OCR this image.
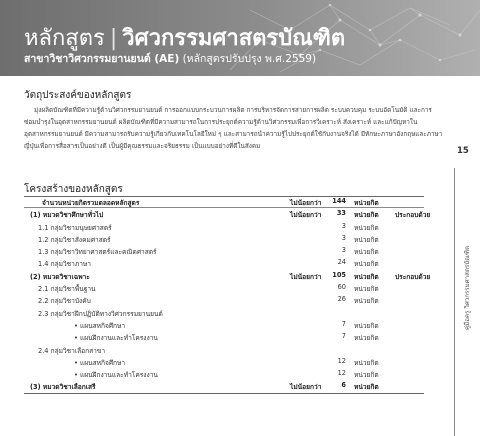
หลักสูตร | วิศวกรรมศาสตรบัณฑิต
สาขาวิชาวิศวกรรมยานยนต์ (AE) (หลักสูตรปรับปรุง พ.ศ.2559)
วัตถุประสงค์ของหลักสูตร

มุ่งผลิตบัณฑิตที่มีความรู้ด้านวิศวกรรมยานยนต์ การออกแบบกระบวนการผลิต การบริหารจัดการสายการผลิต ระบบควบคุม ระบบอัตโนมัติ และการซ่อมบำรุงในอุตสาหกรรมยานยนต์ ผลิตบัณฑิตที่มีความสามารถในการประยุกต์ความรู้ด้านวิศวกรรมเพื่อการวิเคราะห์ สังเคราะห์ และแก้ปัญหาในอุตสาหกรรมยานยนต์ มีความสามารถรับความรู้เกี่ยวกับเทคโนโลยีใหม่ ๆ และสามารถนำความรู้ไปประยุกต์ใช้กับงานจริงได้ มีทักษะภาษาอังกฤษและภาษาญี่ปุ่นเพื่อการสื่อสารเป็นอย่างดี เป็นผู้มีคุณธรรมและจริยธรรม เป็นแบบอย่างที่ดีในสังคม

โครงสร้างของหลักสูตร
จำนวนหน่วยกิตรวมตลอดหลักสูตร	ไม่น้อยกว่า	144 หน่วยกิต
(1) หมวดวิชาศึกษาทั่วไป	ไม่น้อยกว่า	33 หน่วยกิต ประกอบด้วย
1.1 กลุ่มวิชามนุษยศาสตร์	3 หน่วยกิต
1.2 กลุ่มวิชาสังคมศาสตร์	3 หน่วยกิต
1.3 กลุ่มวิชาวิทยาศาสตร์และคณิตศาสตร์	3 หน่วยกิต
1.4 กลุ่มวิชาภาษา	24 หน่วยกิต
(2) หมวดวิชาเฉพาะ	ไม่น้อยกว่า	105 หน่วยกิต ประกอบด้วย
2.1 กลุ่มวิชาพื้นฐาน	60 หน่วยกิต
2.2 กลุ่มวิชาบังคับ	26 หน่วยกิต
2.3 กลุ่มวิชาฝึกปฏิบัติทางวิศวกรรมยานยนต์
• แผนสหกิจศึกษา	7 หน่วยกิต
• แผนฝึกงานและทำโครงงาน	7 หน่วยกิต
2.4 กลุ่มวิชาเลือกสาขา
• แผนสหกิจศึกษา	12 หน่วยกิต
• แผนฝึกงานและทำโครงงาน	12 หน่วยกิต
(3) หมวดวิชาเลือกเสรี	ไม่น้อยกว่า	6 หน่วยกิต
15
คู่มือครู วิศวกรรมศาสตรบัณฑิต
